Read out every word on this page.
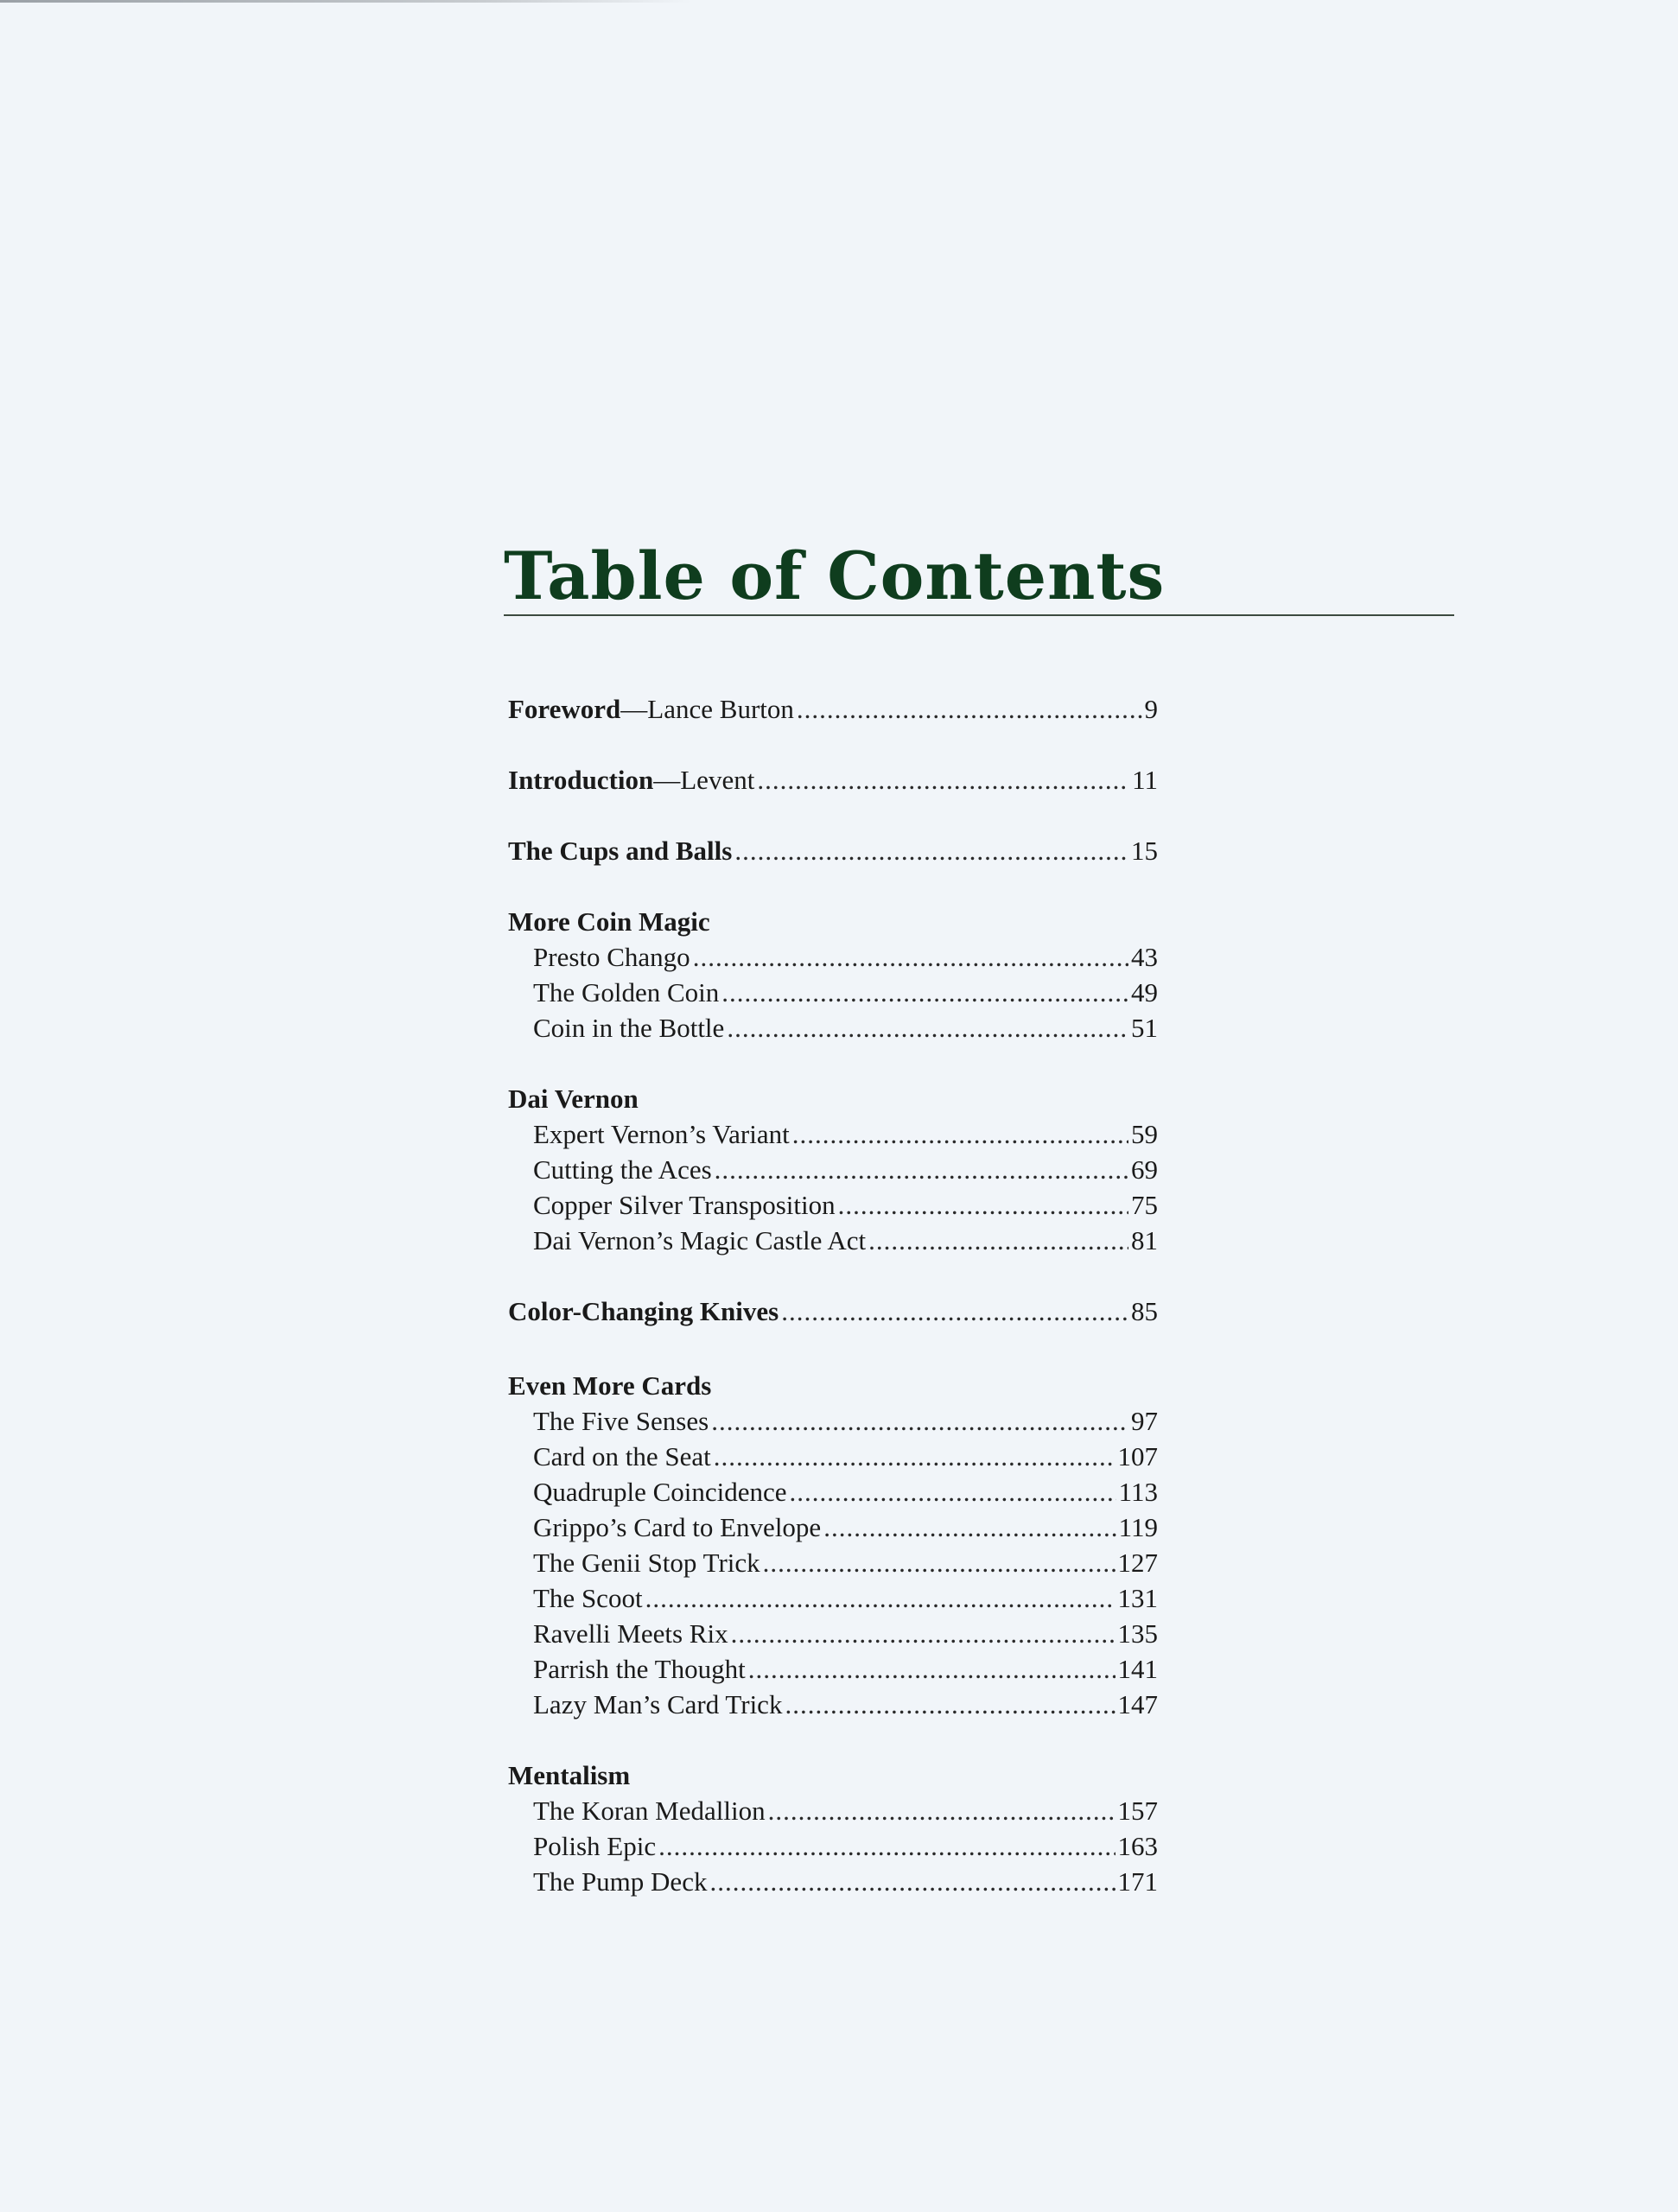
Table of Contents
Foreword—Lance Burton .....	9
Introduction—Levent .....	11
The Cups and Balls .....	15
More Coin Magic
Presto Chango .....	43
The Golden Coin .....	49
Coin in the Bottle .....	51
Dai Vernon
Expert Vernon’s Variant .....	59
Cutting the Aces .....	69
Copper Silver Transposition .....	75
Dai Vernon’s Magic Castle Act .....	81
Color-Changing Knives .....	85
Even More Cards
The Five Senses .....	97
Card on the Seat .....	107
Quadruple Coincidence .....	113
Grippo’s Card to Envelope .....	119
The Genii Stop Trick .....	127
The Scoot .....	131
Ravelli Meets Rix .....	135
Parrish the Thought .....	141
Lazy Man’s Card Trick .....	147
Mentalism
The Koran Medallion .....	157
Polish Epic .....	163
The Pump Deck .....	171
